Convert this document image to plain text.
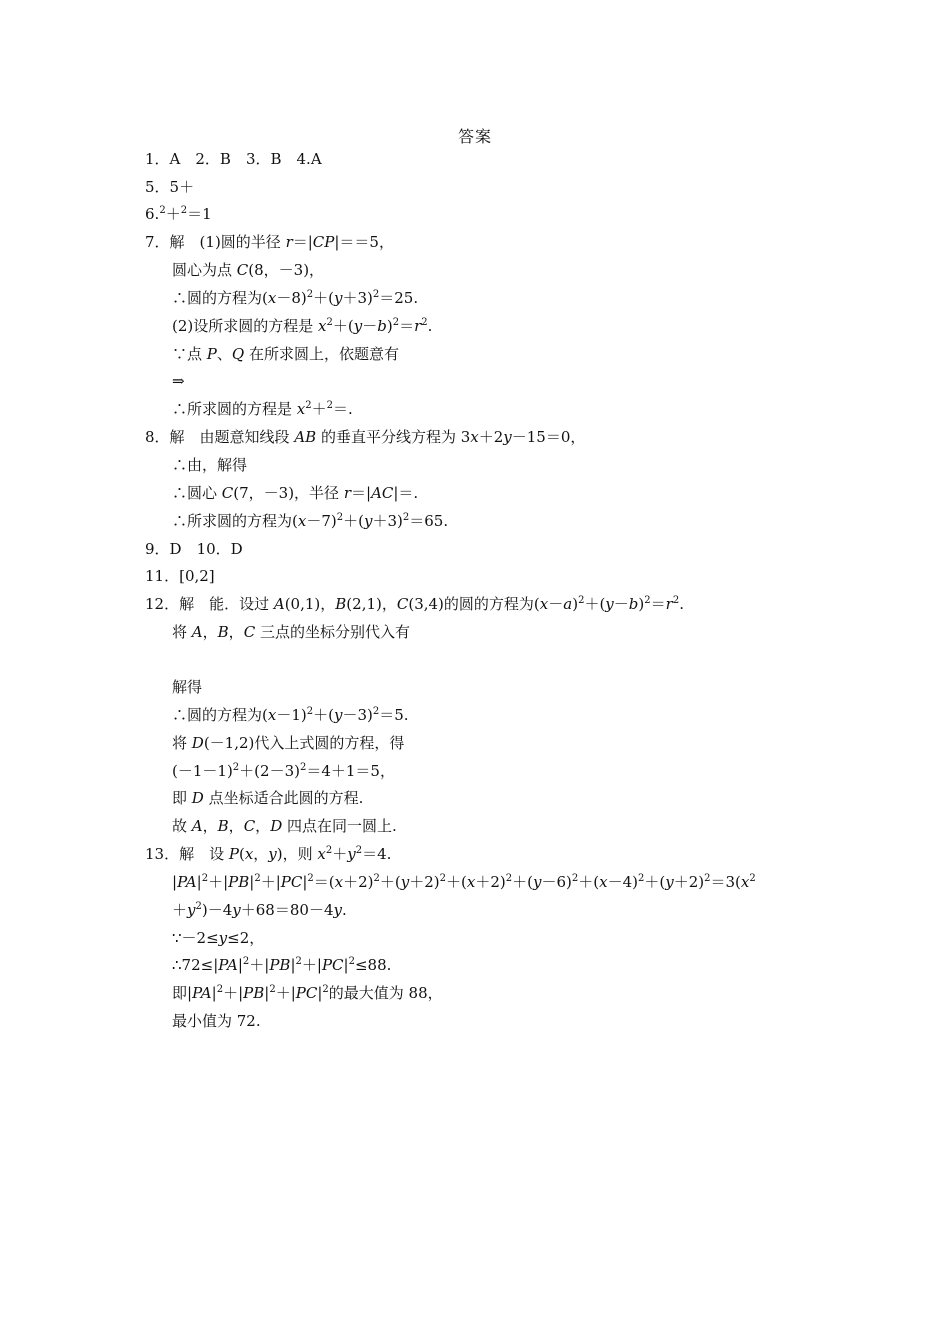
答案
1．A　2．B　3．B　4.A
5．5＋
6.$^2$＋$^2$＝1
7．解　(1)圆的半径 r＝|CP|＝＝5，
圆心为点 C(8，－3)，
∴圆的方程为$(x-8)^2+(y+3)^2=25$.
(2)设所求圆的方程是 $x^2+(y-b)^2=r^2$.
∵点 P、Q 在所求圆上，依题意有
⇒
∴所求圆的方程是 $x^2+^2=$.
8．解　由题意知线段 AB 的垂直平分线方程为 3x＋2y－15＝0，
∴由，解得
∴圆心 C(7，－3)，半径 r＝|AC|＝.
∴所求圆的方程为$(x-7)^2+(y+3)^2=65$.
9．D　10．D
11．[0,2]
12．解　能．设过 A(0,1)，B(2,1)，C(3,4)的圆的方程为$(x-a)^2+(y-b)^2=r^2$.
将 A，B，C 三点的坐标分别代入有
解得
∴圆的方程为$(x-1)^2+(y-3)^2=5$.
将 D(－1,2)代入上式圆的方程，得
$(-1-1)^2+(2-3)^2=4+1=5$，
即 D 点坐标适合此圆的方程.
故 A，B，C，D 四点在同一圆上.
13．解　设 P(x，y)，则 $x^2+y^2=4$.
$|PA|^2+|PB|^2+|PC|^2=(x+2)^2+(y+2)^2+(x+2)^2+(y-6)^2+(x-4)^2+(y+2)^2=3(x^2$
$+y^2)-4y+68=80-4y$.
∵－2≤y≤2，
$\therefore 72\le|PA|^2+|PB|^2+|PC|^2\le 88$.
即$|PA|^2+|PB|^2+|PC|^2$的最大值为 88，
最小值为 72.
